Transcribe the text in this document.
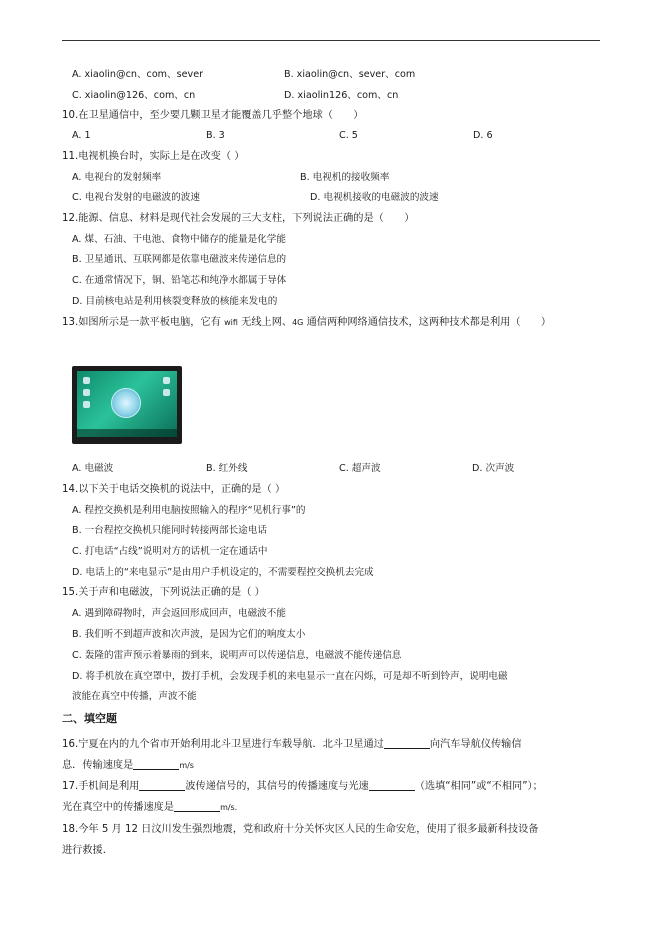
A. xiaolin@cn、com、sever	B. xiaolin@cn、sever、com
C. xiaolin@126、com、cn	D. xiaolin126、com、cn
10.在卫星通信中，至少要几颗卫星才能覆盖几乎整个地球（　　）
A. 1	B. 3	C. 5	D. 6
11.电视机换台时，实际上是在改变（ ）
A. 电视台的发射频率	B. 电视机的接收频率
C. 电视台发射的电磁波的波速	D. 电视机接收的电磁波的波速
12.能源、信息、材料是现代社会发展的三大支柱，下列说法正确的是（　　）
A. 煤、石油、干电池、食物中储存的能量是化学能
B. 卫星通讯、互联网都是依靠电磁波来传递信息的
C. 在通常情况下，铜、铅笔芯和纯净水都属于导体
D. 目前核电站是利用核裂变释放的核能来发电的
13.如图所示是一款平板电脑，它有 wifi 无线上网、4G 通信两种网络通信技术，这两种技术都是利用（　　）
A. 电磁波	B. 红外线	C. 超声波	D. 次声波
14.以下关于电话交换机的说法中，正确的是（ ）
A. 程控交换机是利用电脑按照输入的程序“见机行事”的
B. 一台程控交换机只能同时转接两部长途电话
C. 打电话“占线”说明对方的话机一定在通话中
D. 电话上的“来电显示”是由用户手机设定的，不需要程控交换机去完成
15.关于声和电磁波，下列说法正确的是（ ）
A. 遇到障碍物时，声会返回形成回声，电磁波不能
B. 我们听不到超声波和次声波，是因为它们的响度太小
C. 轰隆的雷声预示着暴雨的到来，说明声可以传递信息，电磁波不能传递信息
D. 将手机放在真空罩中，拨打手机，会发现手机的来电显示一直在闪烁，可是却不听到铃声，说明电磁
波能在真空中传播，声波不能
二、填空题
16.宁夏在内的九个省市开始利用北斗卫星进行车载导航．北斗卫星通过	向汽车导航仪传输信
息．传输速度是	m/s
17.手机间是利用	波传递信号的，其信号的传播速度与光速	（选填“相同”或“不相同”）；
光在真空中的传播速度是	m/s．
18.今年 5 月 12 日汶川发生强烈地震，党和政府十分关怀灾区人民的生命安危，使用了很多最新科技设备
进行救援.
